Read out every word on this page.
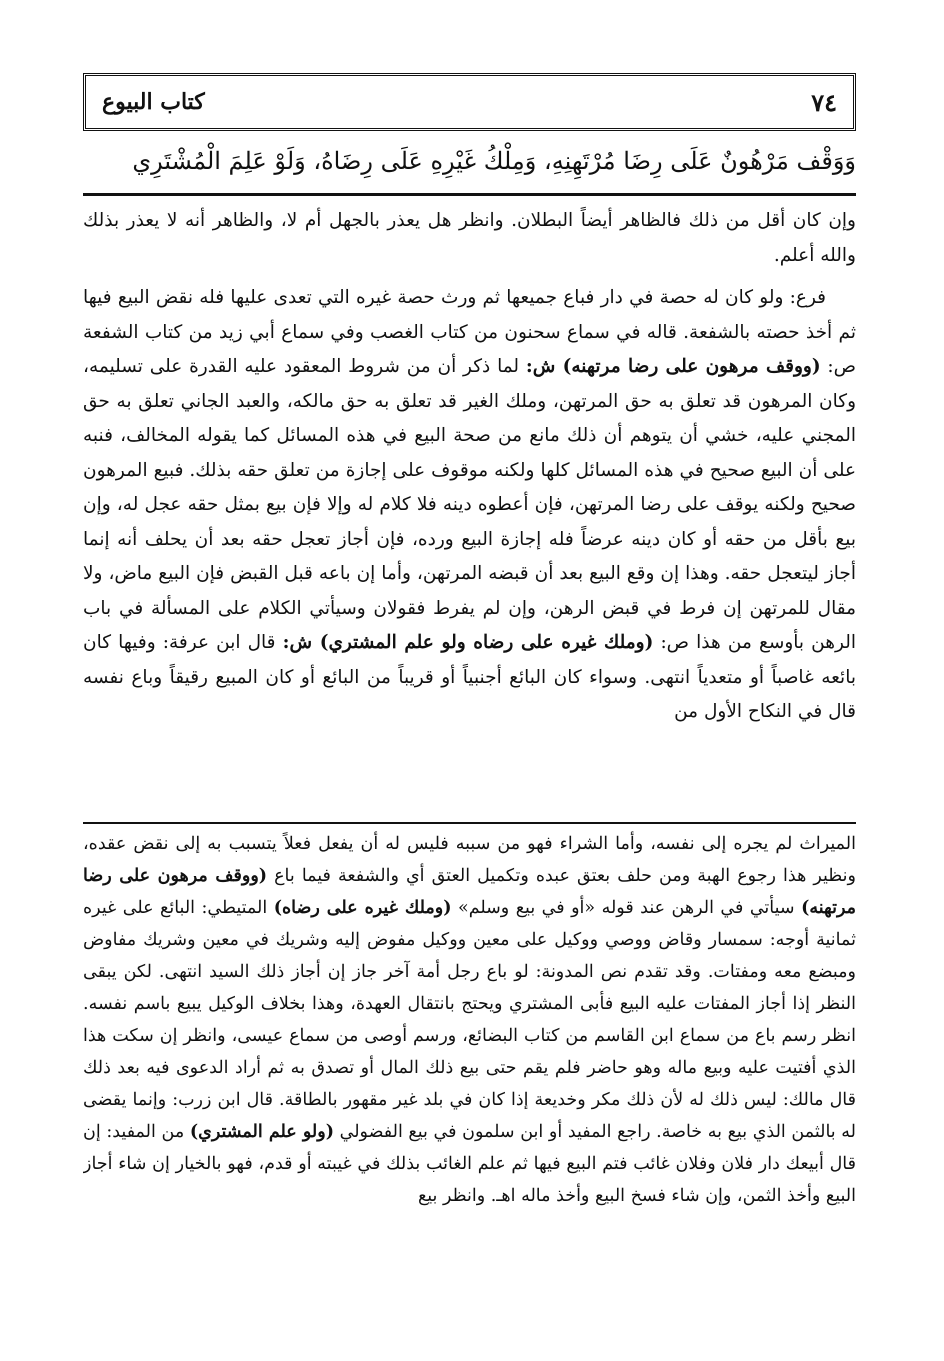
٧٤
كتاب البيوع
وَوَقْف مَرْهُونٌ عَلَى رِضَا مُرْتَهِنِهِ، وَمِلْكُ غَيْرِهِ عَلَى رِضَاهُ، وَلَوْ عَلِمَ الْمُشْتَرِي

وإن كان أقل من ذلك فالظاهر أيضاً البطلان. وانظر هل يعذر بالجهل أم لا، والظاهر أنه لا يعذر بذلك والله أعلم.

فرع: ولو كان له حصة في دار فباع جميعها ثم ورث حصة غيره التي تعدى عليها فله نقض البيع فيها ثم أخذ حصته بالشفعة. قاله في سماع سحنون من كتاب الغصب وفي سماع أبي زيد من كتاب الشفعة ص: (ووقف مرهون على رضا مرتهنه) ش: لما ذكر أن من شروط المعقود عليه القدرة على تسليمه، وكان المرهون قد تعلق به حق المرتهن، وملك الغير قد تعلق به حق مالكه، والعبد الجاني تعلق به حق المجني عليه، خشي أن يتوهم أن ذلك مانع من صحة البيع في هذه المسائل كما يقوله المخالف، فنبه على أن البيع صحيح في هذه المسائل كلها ولكنه موقوف على إجازة من تعلق حقه بذلك. فبيع المرهون صحيح ولكنه يوقف على رضا المرتهن، فإن أعطوه دينه فلا كلام له وإلا فإن بيع بمثل حقه عجل له، وإن بيع بأقل من حقه أو كان دينه عرضاً فله إجازة البيع ورده، فإن أجاز تعجل حقه بعد أن يحلف أنه إنما أجاز ليتعجل حقه. وهذا إن وقع البيع بعد أن قبضه المرتهن، وأما إن باعه قبل القبض فإن البيع ماض، ولا مقال للمرتهن إن فرط في قبض الرهن، وإن لم يفرط فقولان وسيأتي الكلام على المسألة في باب الرهن بأوسع من هذا ص: (وملك غيره على رضاه ولو علم المشتري) ش: قال ابن عرفة: وفيها كان بائعه غاصباً أو متعدياً انتهى. وسواء كان البائع أجنبياً أو قريباً من البائع أو كان المبيع رقيقاً وباع نفسه قال في النكاح الأول من

الميراث لم يجره إلى نفسه، وأما الشراء فهو من سببه فليس له أن يفعل فعلاً يتسبب به إلى نقض عقده، ونظير هذا رجوع الهبة ومن حلف بعتق عبده وتكميل العتق أي والشفعة فيما باع (ووقف مرهون على رضا مرتهنه) سيأتي في الرهن عند قوله «أو في بيع وسلم» (وملك غيره على رضاه) المتيطي: البائع على غيره ثمانية أوجه: سمسار وقاض ووصي ووكيل على معين ووكيل مفوض إليه وشريك في معين وشريك مفاوض ومبضع معه ومفتات. وقد تقدم نص المدونة: لو باع رجل أمة آخر جاز إن أجاز ذلك السيد انتهى. لكن يبقى النظر إذا أجاز المفتات عليه البيع فأبى المشتري ويحتج بانتقال العهدة، وهذا بخلاف الوكيل يبيع باسم نفسه. انظر رسم باع من سماع ابن القاسم من كتاب البضائع، ورسم أوصى من سماع عيسى، وانظر إن سكت هذا الذي أفتيت عليه وبيع ماله وهو حاضر فلم يقم حتى بيع ذلك المال أو تصدق به ثم أراد الدعوى فيه بعد ذلك قال مالك: ليس ذلك له لأن ذلك مكر وخديعة إذا كان في بلد غير مقهور بالطاقة. قال ابن زرب: وإنما يقضى له بالثمن الذي بيع به خاصة. راجع المفيد أو ابن سلمون في بيع الفضولي (ولو علم المشتري) من المفيد: إن قال أبيعك دار فلان وفلان غائب فتم البيع فيها ثم علم الغائب بذلك في غيبته أو قدم، فهو بالخيار إن شاء أجاز البيع وأخذ الثمن، وإن شاء فسخ البيع وأخذ ماله اهـ. وانظر بيع
